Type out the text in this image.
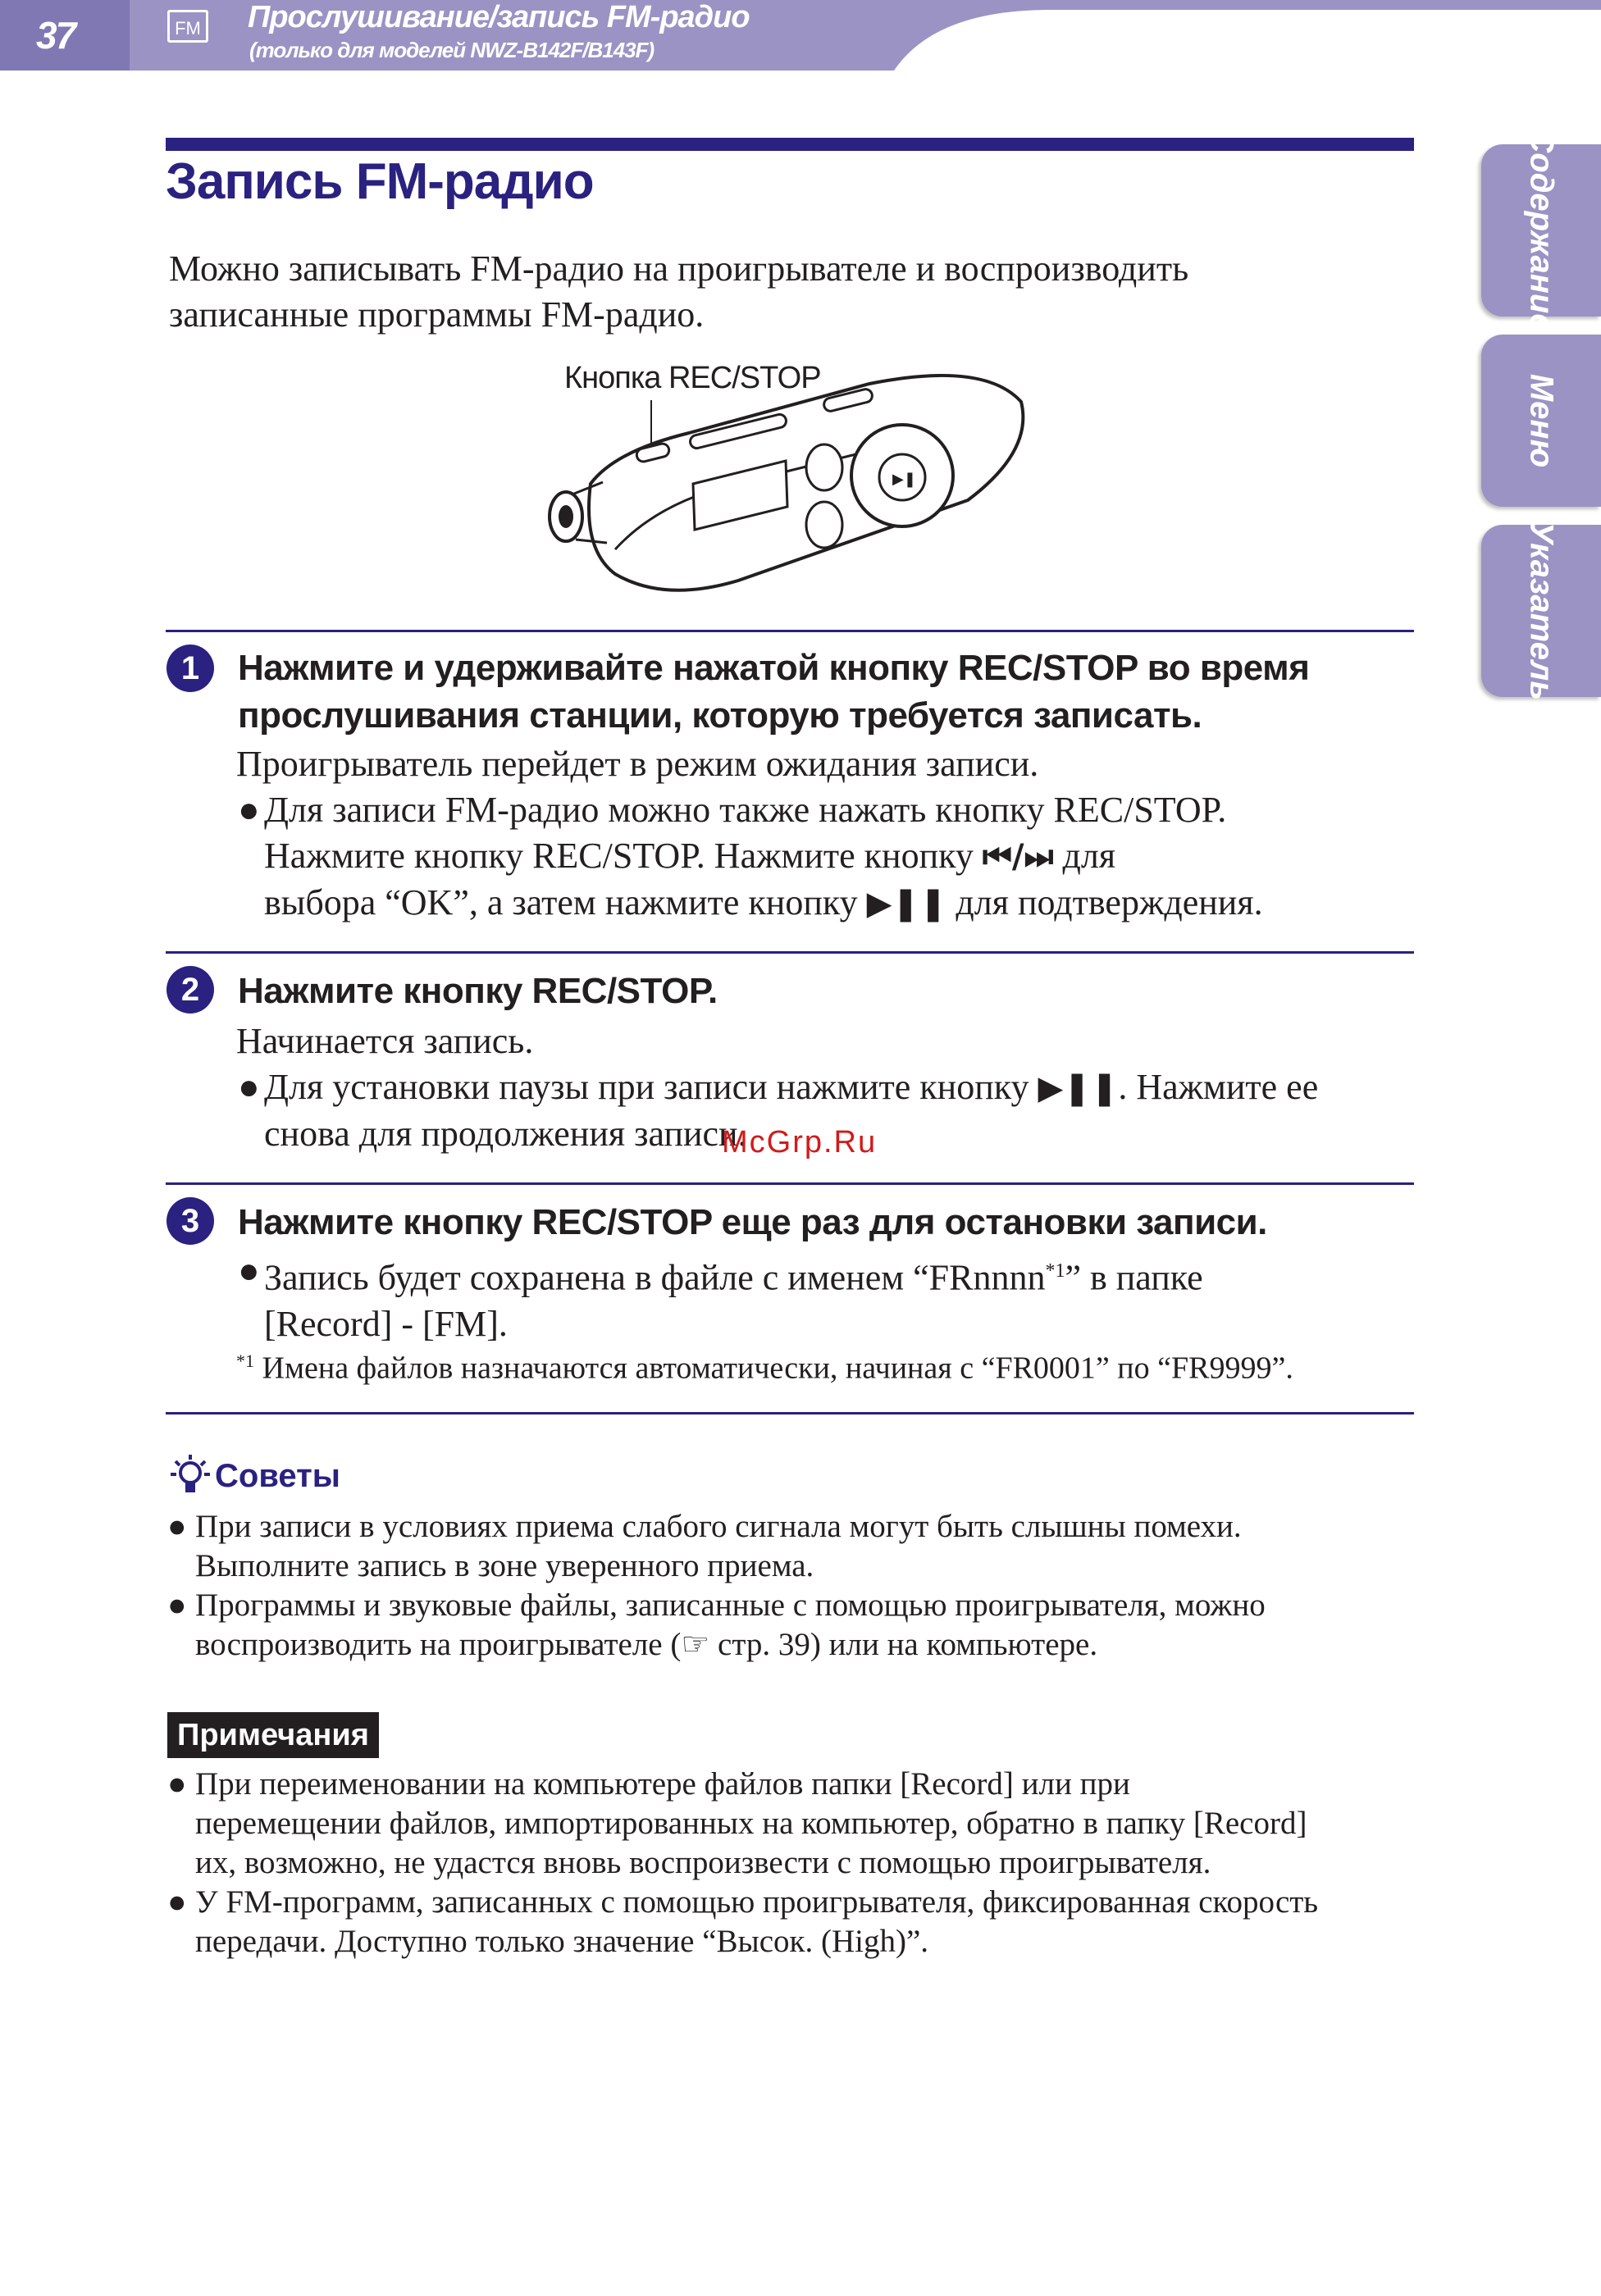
37	FM Прослушивание/запись FM-радио
(только для моделей NWZ-B142F/B143F)
Содержание
Меню
Указатель
Запись FM-радио
Можно записывать FM-радио на проигрывателе и воспроизводить
записанные программы FM-радио.
▶❚
Кнопка REC/STOP
1	Нажмите и удерживайте нажатой кнопку REC/STOP во время
прослушивания станции, которую требуется записать.
Проигрыватель перейдет в режим ожидания записи.
● Для записи FM-радио можно также нажать кнопку REC/STOP.
Нажмите кнопку REC/STOP. Нажмите кнопку ⏮/⏭ для
выбора “OK”, а затем нажмите кнопку ▶❚❚ для подтверждения.
2	Нажмите кнопку REC/STOP.
Начинается запись.
● Для установки паузы при записи нажмите кнопку ▶❚❚. Нажмите ее
снова для продолжения записи.
McGrp.Ru
3	Нажмите кнопку REC/STOP еще раз для остановки записи.
● Запись будет сохранена в файле с именем “FRnnnn$^{*1}$” в папке
[Record] - [FM].
$^{*1}$ Имена файлов назначаются автоматически, начиная с “FR0001” по “FR9999”.
Советы
● При записи в условиях приема слабого сигнала могут быть слышны помехи.
Выполните запись в зоне уверенного приема.
● Программы и звуковые файлы, записанные с помощью проигрывателя, можно
воспроизводить на проигрывателе (☞ стр. 39) или на компьютере.
Примечания
● При переименовании на компьютере файлов папки [Record] или при
перемещении файлов, импортированных на компьютер, обратно в папку [Record]
их, возможно, не удастся вновь воспроизвести с помощью проигрывателя.
● У FM-программ, записанных с помощью проигрывателя, фиксированная скорость
передачи. Доступно только значение “Высок. (High)”.
